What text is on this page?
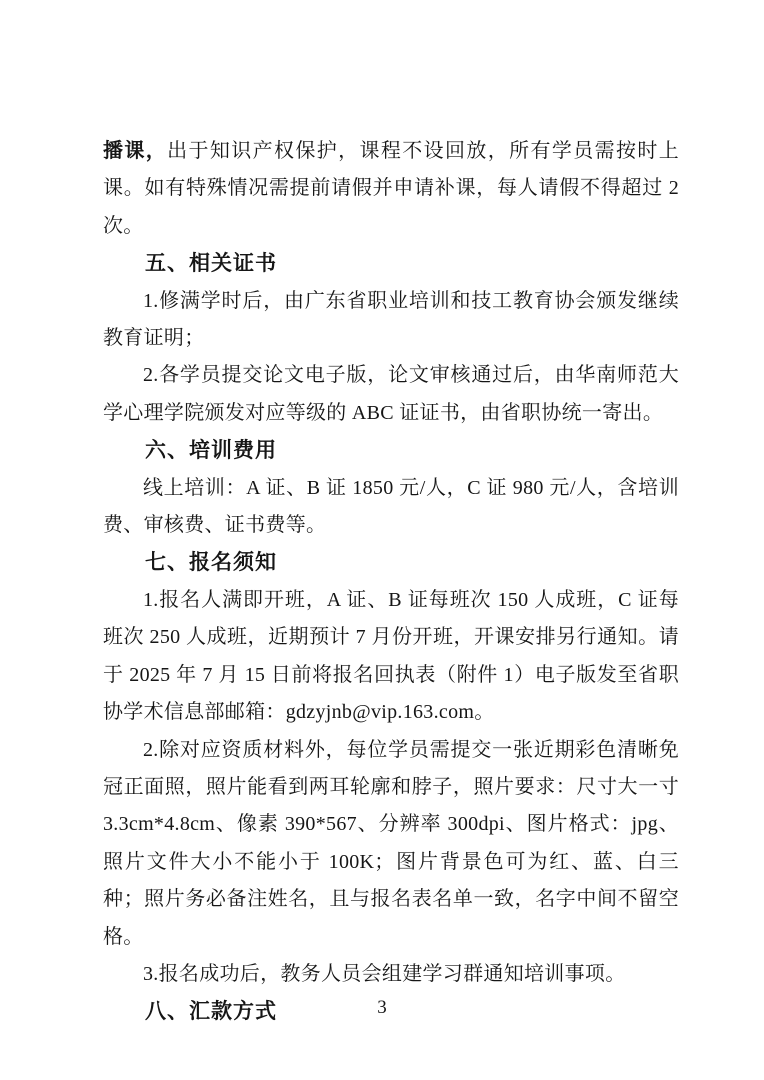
播课，出于知识产权保护，课程不设回放，所有学员需按时上课。如有特殊情况需提前请假并申请补课，每人请假不得超过 2 次。

五、相关证书

1.修满学时后，由广东省职业培训和技工教育协会颁发继续教育证明；

2.各学员提交论文电子版，论文审核通过后，由华南师范大学心理学院颁发对应等级的 ABC 证证书，由省职协统一寄出。

六、培训费用

线上培训：A 证、B 证 1850 元/人，C 证 980 元/人，含培训费、审核费、证书费等。

七、报名须知

1.报名人满即开班，A 证、B 证每班次 150 人成班，C 证每班次 250 人成班，近期预计 7 月份开班，开课安排另行通知。请于 2025 年 7 月 15 日前将报名回执表（附件 1）电子版发至省职协学术信息部邮箱：gdzyjnb@vip.163.com。

2.除对应资质材料外，每位学员需提交一张近期彩色清晰免冠正面照，照片能看到两耳轮廓和脖子，照片要求：尺寸大一寸 3.3cm*4.8cm、像素 390*567、分辨率 300dpi、图片格式：jpg、照片文件大小不能小于 100K；图片背景色可为红、蓝、白三种；照片务必备注姓名，且与报名表名单一致，名字中间不留空格。

3.报名成功后，教务人员会组建学习群通知培训事项。

八、汇款方式	3
